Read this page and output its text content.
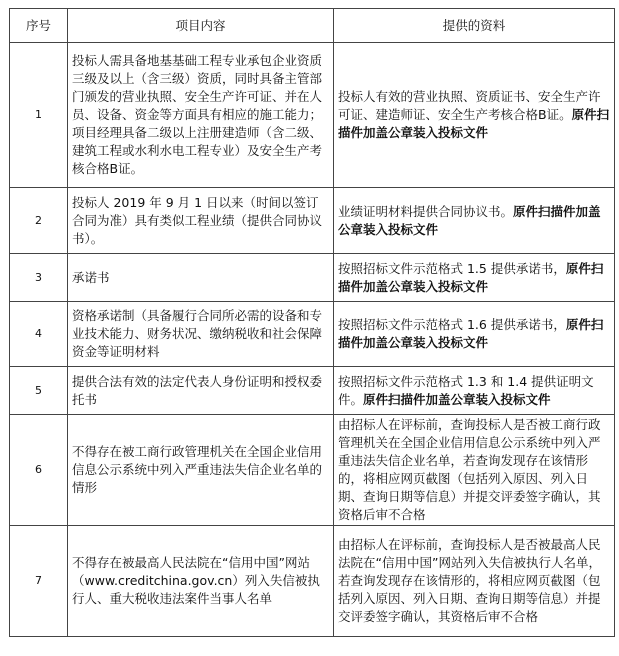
序号	项目内容	提供的资料
1	投标人需具备地基基础工程专业承包企业资质三级及以上（含三级）资质，同时具备主管部门颁发的营业执照、安全生产许可证、并在人员、设备、资金等方面具有相应的施工能力；项目经理具备二级以上注册建造师（含二级、建筑工程或水利水电工程专业）及安全生产考核合格B证。	投标人有效的营业执照、资质证书、安全生产许可证、建造师证、安全生产考核合格B证。原件扫描件加盖公章装入投标文件
2	投标人 2019 年 9 月 1 日以来（时间以签订合同为准）具有类似工程业绩（提供合同协议书）。	业绩证明材料提供合同协议书。原件扫描件加盖公章装入投标文件
3	承诺书	按照招标文件示范格式 1.5 提供承诺书，原件扫描件加盖公章装入投标文件
4	资格承诺制（具备履行合同所必需的设备和专业技术能力、财务状况、缴纳税收和社会保障资金等证明材料	按照招标文件示范格式 1.6 提供承诺书，原件扫描件加盖公章装入投标文件
5	提供合法有效的法定代表人身份证明和授权委托书	按照招标文件示范格式 1.3 和 1.4 提供证明文件。原件扫描件加盖公章装入投标文件
6	不得存在被工商行政管理机关在全国企业信用信息公示系统中列入严重违法失信企业名单的情形	由招标人在评标前，查询投标人是否被工商行政管理机关在全国企业信用信息公示系统中列入严重违法失信企业名单，若查询发现存在该情形的，将相应网页截图（包括列入原因、列入日期、查询日期等信息）并提交评委签字确认，其资格后审不合格
7	不得存在被最高人民法院在“信用中国”网站（www.creditchina.gov.cn）列入失信被执行人、重大税收违法案件当事人名单	由招标人在评标前，查询投标人是否被最高人民法院在“信用中国”网站列入失信被执行人名单，若查询发现存在该情形的，将相应网页截图（包括列入原因、列入日期、查询日期等信息）并提交评委签字确认，其资格后审不合格
